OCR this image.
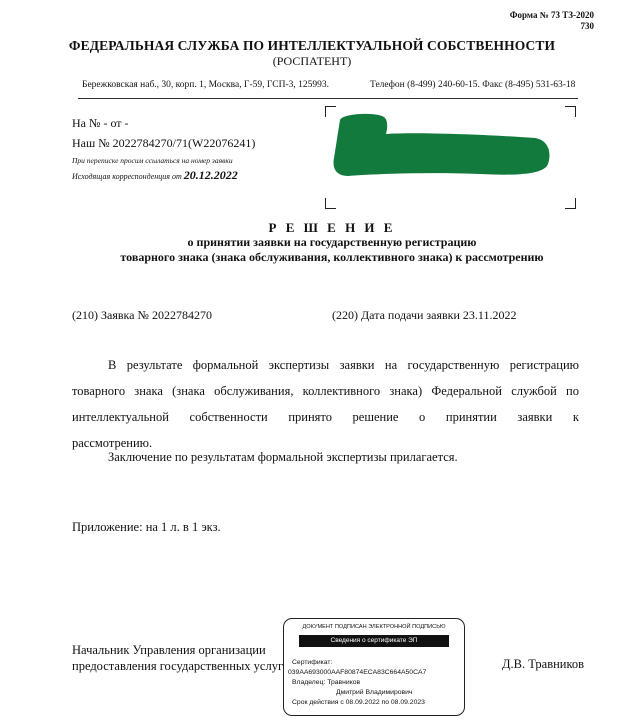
Форма № 73 ТЗ-2020
730
ФЕДЕРАЛЬНАЯ СЛУЖБА ПО ИНТЕЛЛЕКТУАЛЬНОЙ СОБСТВЕННОСТИ
(РОСПАТЕНТ)
Бережковская наб., 30, корп. 1, Москва, Г-59, ГСП-3, 125993.	Телефон (8-499) 240-60-15. Факс (8-495) 531-63-18
На № - от -
Наш № 2022784270/71(W22076241)
При переписке просим ссылаться на номер заявки
Исходящая корреспонденция от 20.12.2022
Р Е Ш Е Н И Е
о принятии заявки на государственную регистрацию
товарного знака (знака обслуживания, коллективного знака) к рассмотрению
(210) Заявка № 2022784270	(220) Дата подачи заявки 23.11.2022
В результате формальной экспертизы заявки на государственную регистрацию
товарного знака (знака обслуживания, коллективного знака) Федеральной службой по
интеллектуальной собственности принято решение о принятии заявки к
рассмотрению.
Заключение по результатам формальной экспертизы прилагается.
Приложение: на 1 л. в 1 экз.
Начальник Управления организации предоставления государственных услуг	Д.В. Травников
ДОКУМЕНТ ПОДПИСАН ЭЛЕКТРОННОЙ ПОДПИСЬЮ
Сведения о сертификате ЭП
Сертификат:
039AA693000AAF80874ECA83C664A50CA7
Владелец: Травников
Дмитрий Владимирович
Срок действия с 08.09.2022 по 08.09.2023
